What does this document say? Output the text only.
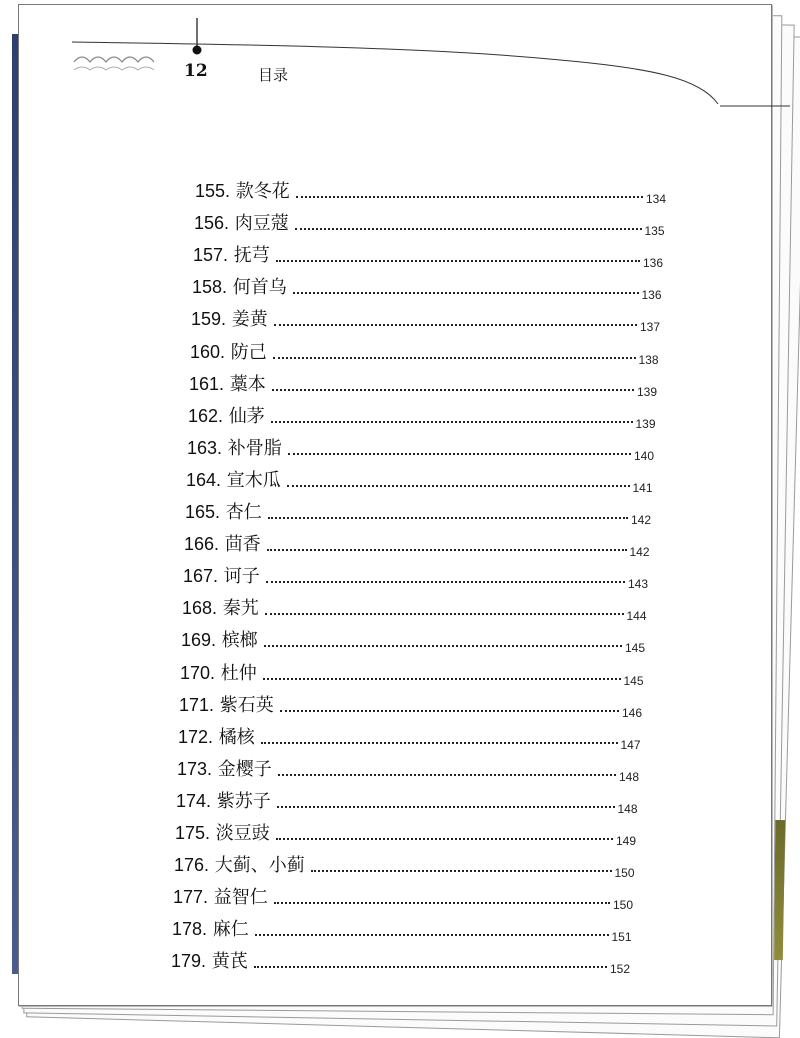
12	目录
155. 款冬花	134
156. 肉豆蔻	135
157. 抚芎	136
158. 何首乌	136
159. 姜黄	137
160. 防己	138
161. 藁本	139
162. 仙茅	139
163. 补骨脂	140
164. 宣木瓜	141
165. 杏仁	142
166. 茴香	142
167. 诃子	143
168. 秦艽	144
169. 槟榔	145
170. 杜仲	145
171. 紫石英	146
172. 橘核	147
173. 金樱子	148
174. 紫苏子	148
175. 淡豆豉	149
176. 大蓟、小蓟	150
177. 益智仁	150
178. 麻仁	151
179. 黄芪	152
